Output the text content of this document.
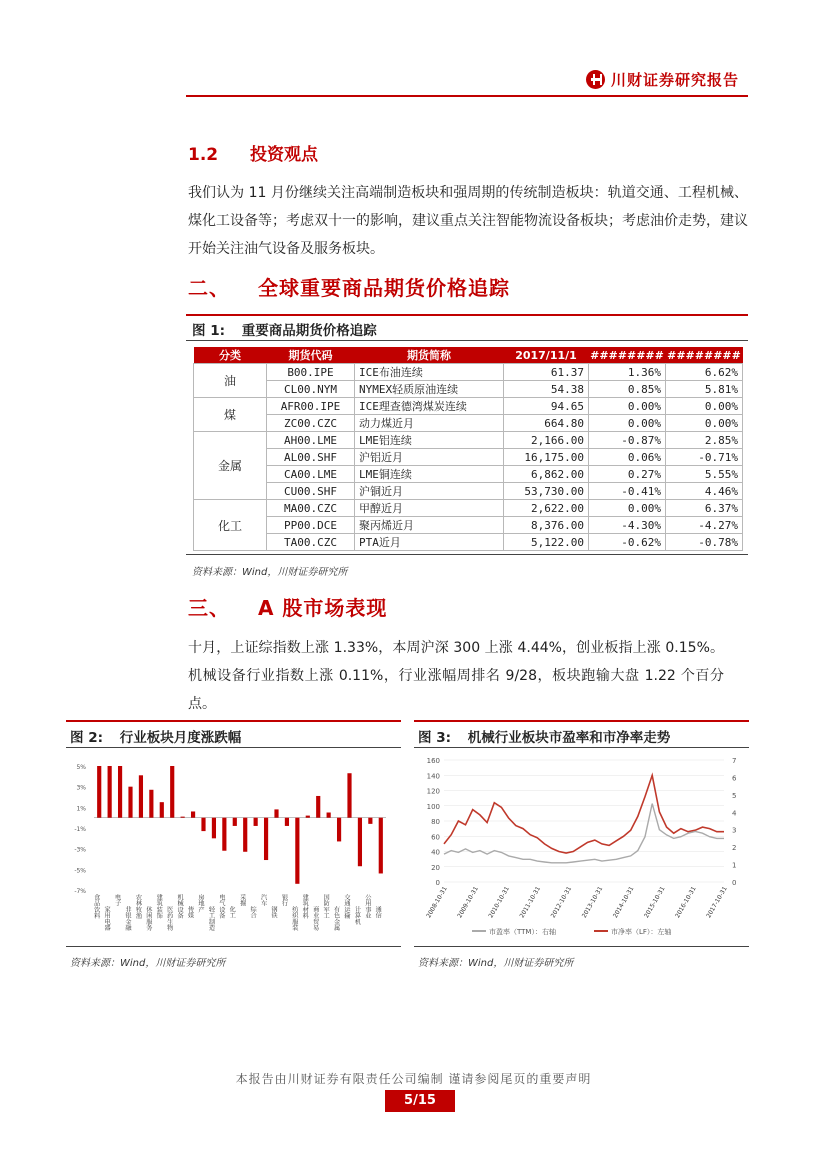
川财证券研究报告
1.2 投资观点
我们认为 11 月份继续关注高端制造板块和强周期的传统制造板块：轨道交通、工程机械、煤化工设备等；考虑双十一的影响，建议重点关注智能物流设备板块；考虑油价走势，建议开始关注油气设备及服务板块。
二、 全球重要商品期货价格追踪
图 1: 重要商品期货价格追踪
分类	期货代码	期货简称	2017/11/1	########	########
油	B00.IPE	ICE布油连续	61.37	1.36%	6.62%
	CL00.NYM	NYMEX轻质原油连续	54.38	0.85%	5.81%
煤	AFR00.IPE	ICE理查德湾煤炭连续	94.65	0.00%	0.00%
	ZC00.CZC	动力煤近月	664.80	0.00%	0.00%
金属	AH00.LME	LME铝连续	2,166.00	-0.87%	2.85%
	AL00.SHF	沪铝近月	16,175.00	0.06%	-0.71%
	CA00.LME	LME铜连续	6,862.00	0.27%	5.55%
	CU00.SHF	沪铜近月	53,730.00	-0.41%	4.46%
化工	MA00.CZC	甲醇近月	2,622.00	0.00%	6.37%
	PP00.DCE	聚丙烯近月	8,376.00	-4.30%	-4.27%
	TA00.CZC	PTA近月	5,122.00	-0.62%	-0.78%
资料来源：Wind，川财证券研究所
三、 A 股市场表现
十月，上证综指数上涨 1.33%，本周沪深 300 上涨 4.44%，创业板指上涨 0.15%。机械设备行业指数上涨 0.11%，行业涨幅周排名 9/28，板块跑输大盘 1.22 个百分点。
图 2: 行业板块月度涨跌幅
5%
3%
1%
-1%
-3%
-5%
-7%
食品饮料 家用电器
电子
非银金融 农林牧渔 休闲服务 建筑装饰 医药生物 机械设备 传媒 房地产
轻工制造 电气设备 化工
采掘
综合
汽车
钢铁
银行
纺织服装 建筑材料 商业贸易 国防军工 有色金属 交通运输 计算机 公用事业 通信
资料来源：Wind，川财证券研究所
图 3: 机械行业板块市盈率和市净率走势
0
20
40
60
80
100
120
140
160
0
1
2
3
4
5
6
7
2008-10-31 2009-10-31 2010-10-31 2011-10-31 2012-10-31 2013-10-31 2014-10-31 2015-10-31 2016-10-31 2017-10-31
市盈率（TTM）：右轴	市净率（LF）：左轴
资料来源：Wind，川财证券研究所
本报告由川财证券有限责任公司编制 谨请参阅尾页的重要声明
5/15
